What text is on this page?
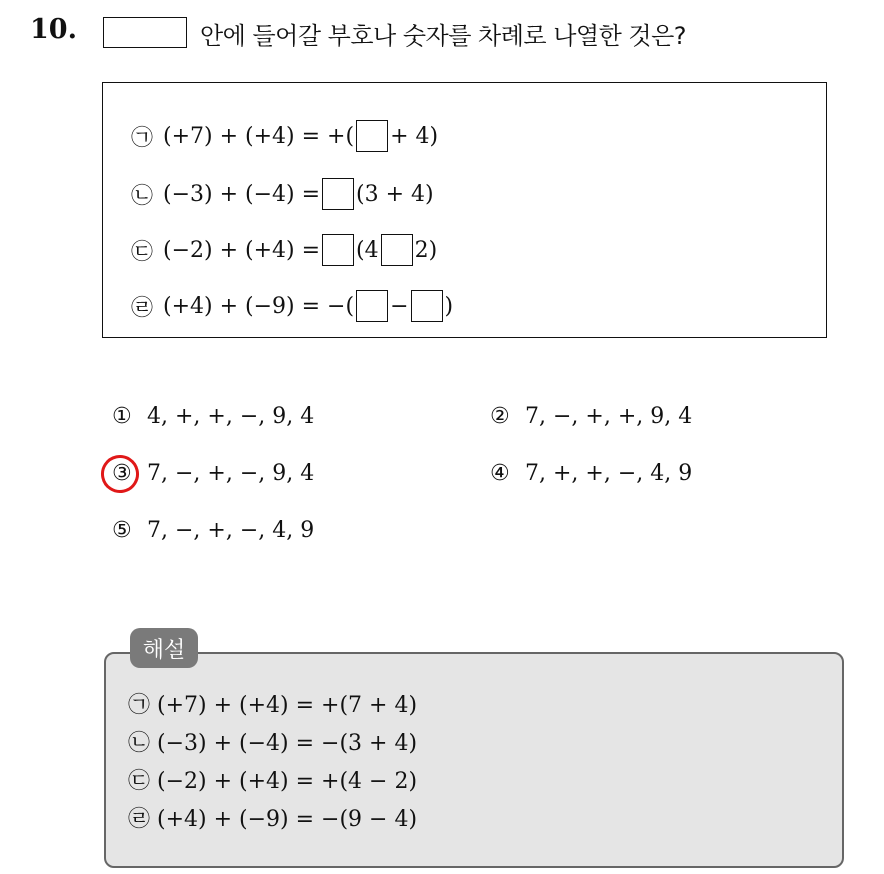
10.	안에 들어갈 부호나 숫자를 차례로 나열한 것은?
㉠ (+7) + (+4) = +( + 4)
㉡ (−3) + (−4) = (3 + 4)
㉢ (−2) + (+4) = (4 2)
㉣ (+4) + (−9) = −( − )
① 4, +, +, −, 9, 4	② 7, −, +, +, 9, 4
③ 7, −, +, −, 9, 4	④ 7, +, +, −, 4, 9
⑤ 7, −, +, −, 4, 9
㉠ (+7) + (+4) = +(7 + 4)
㉡ (−3) + (−4) = −(3 + 4)
㉢ (−2) + (+4) = +(4 − 2)
㉣ (+4) + (−9) = −(9 − 4)
해설
